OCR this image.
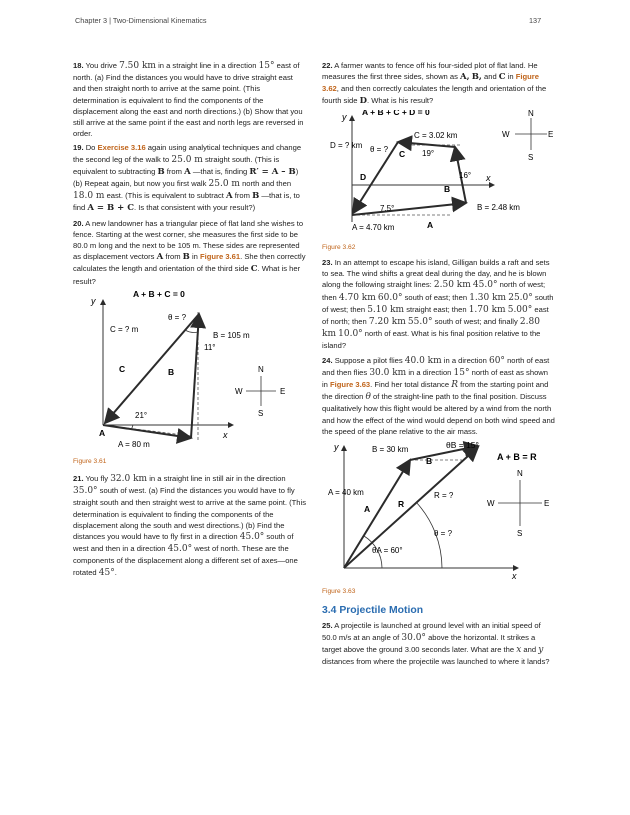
Chapter 3 | Two-Dimensional Kinematics	137

18. You drive 7.50 km in a straight line in a direction 15° east of north. (a) Find the distances you would have to drive straight east and then straight north to arrive at the same point. (This determination is equivalent to find the components of the displacement along the east and north directions.) (b) Show that you still arrive at the same point if the east and north legs are reversed in order.

19. Do Exercise 3.16 again using analytical techniques and change the second leg of the walk to 25.0 m straight south. (This is equivalent to subtracting B from A —that is, finding R′ = A – B) (b) Repeat again, but now you first walk 25.0 m north and then 18.0 m east. (This is equivalent to subtract A from B —that is, to find A = B + C. Is that consistent with your result?)

20. A new landowner has a triangular piece of flat land she wishes to fence. Starting at the west corner, she measures the first side to be 80.0 m long and the next to be 105 m. These sides are represented as displacement vectors A from B in Figure 3.61. She then correctly calculates the length and orientation of the third side C. What is her result?

y
x
A + B + C = 0
θ = ?
C = ? m
B = 105 m
11°
21°
A = 80 m
C	B
A
N
S
E
W

Figure 3.61

21. You fly 32.0 km in a straight line in still air in the direction 35.0° south of west. (a) Find the distances you would have to fly straight south and then straight west to arrive at the same point. (This determination is equivalent to finding the components of the displacement along the south and west directions.) (b) Find the distances you would have to fly first in a direction 45.0° south of west and then in a direction 45.0° west of north. These are the components of the displacement along a different set of axes—one rotated 45°.

22. A farmer wants to fence off his four-sided plot of flat land. He measures the first three sides, shown as A, B, and C in Figure 3.62, and then correctly calculates the length and orientation of the fourth side D. What is his result?

y
x
A + B + C + D = 0
C = 3.02 km
D = ? km θ = ?	19°
16°
7.5°
A = 4.70 km
B = 2.48 km
C
D
B
A
N
S
E
W

Figure 3.62

23. In an attempt to escape his island, Gilligan builds a raft and sets to sea. The wind shifts a great deal during the day, and he is blown along the following straight lines: 2.50 km 45.0° north of west; then 4.70 km 60.0° south of east; then 1.30 km 25.0° south of west; then 5.10 km straight east; then 1.70 km 5.00° east of north; then 7.20 km 55.0° south of west; and finally 2.80 km 10.0° north of east. What is his final position relative to the island?

24. Suppose a pilot flies 40.0 km in a direction 60° north of east and then flies 30.0 km in a direction 15° north of east as shown in Figure 3.63. Find her total distance R from the starting point and the direction θ of the straight-line path to the final position. Discuss qualitatively how this flight would be altered by a wind from the north and how the effect of the wind would depend on both wind speed and the speed of the plane relative to the air mass.

y
x
θB = 15°
A + B = R
B = 30 km
A = 40 km	R = ?
θ = ?
θA = 60°
A
B
R
N
S
E
W

Figure 3.63

3.4 Projectile Motion

25. A projectile is launched at ground level with an initial speed of 50.0 m/s at an angle of 30.0° above the horizontal. It strikes a target above the ground 3.00 seconds later. What are the x and y distances from where the projectile was launched to where it lands?
